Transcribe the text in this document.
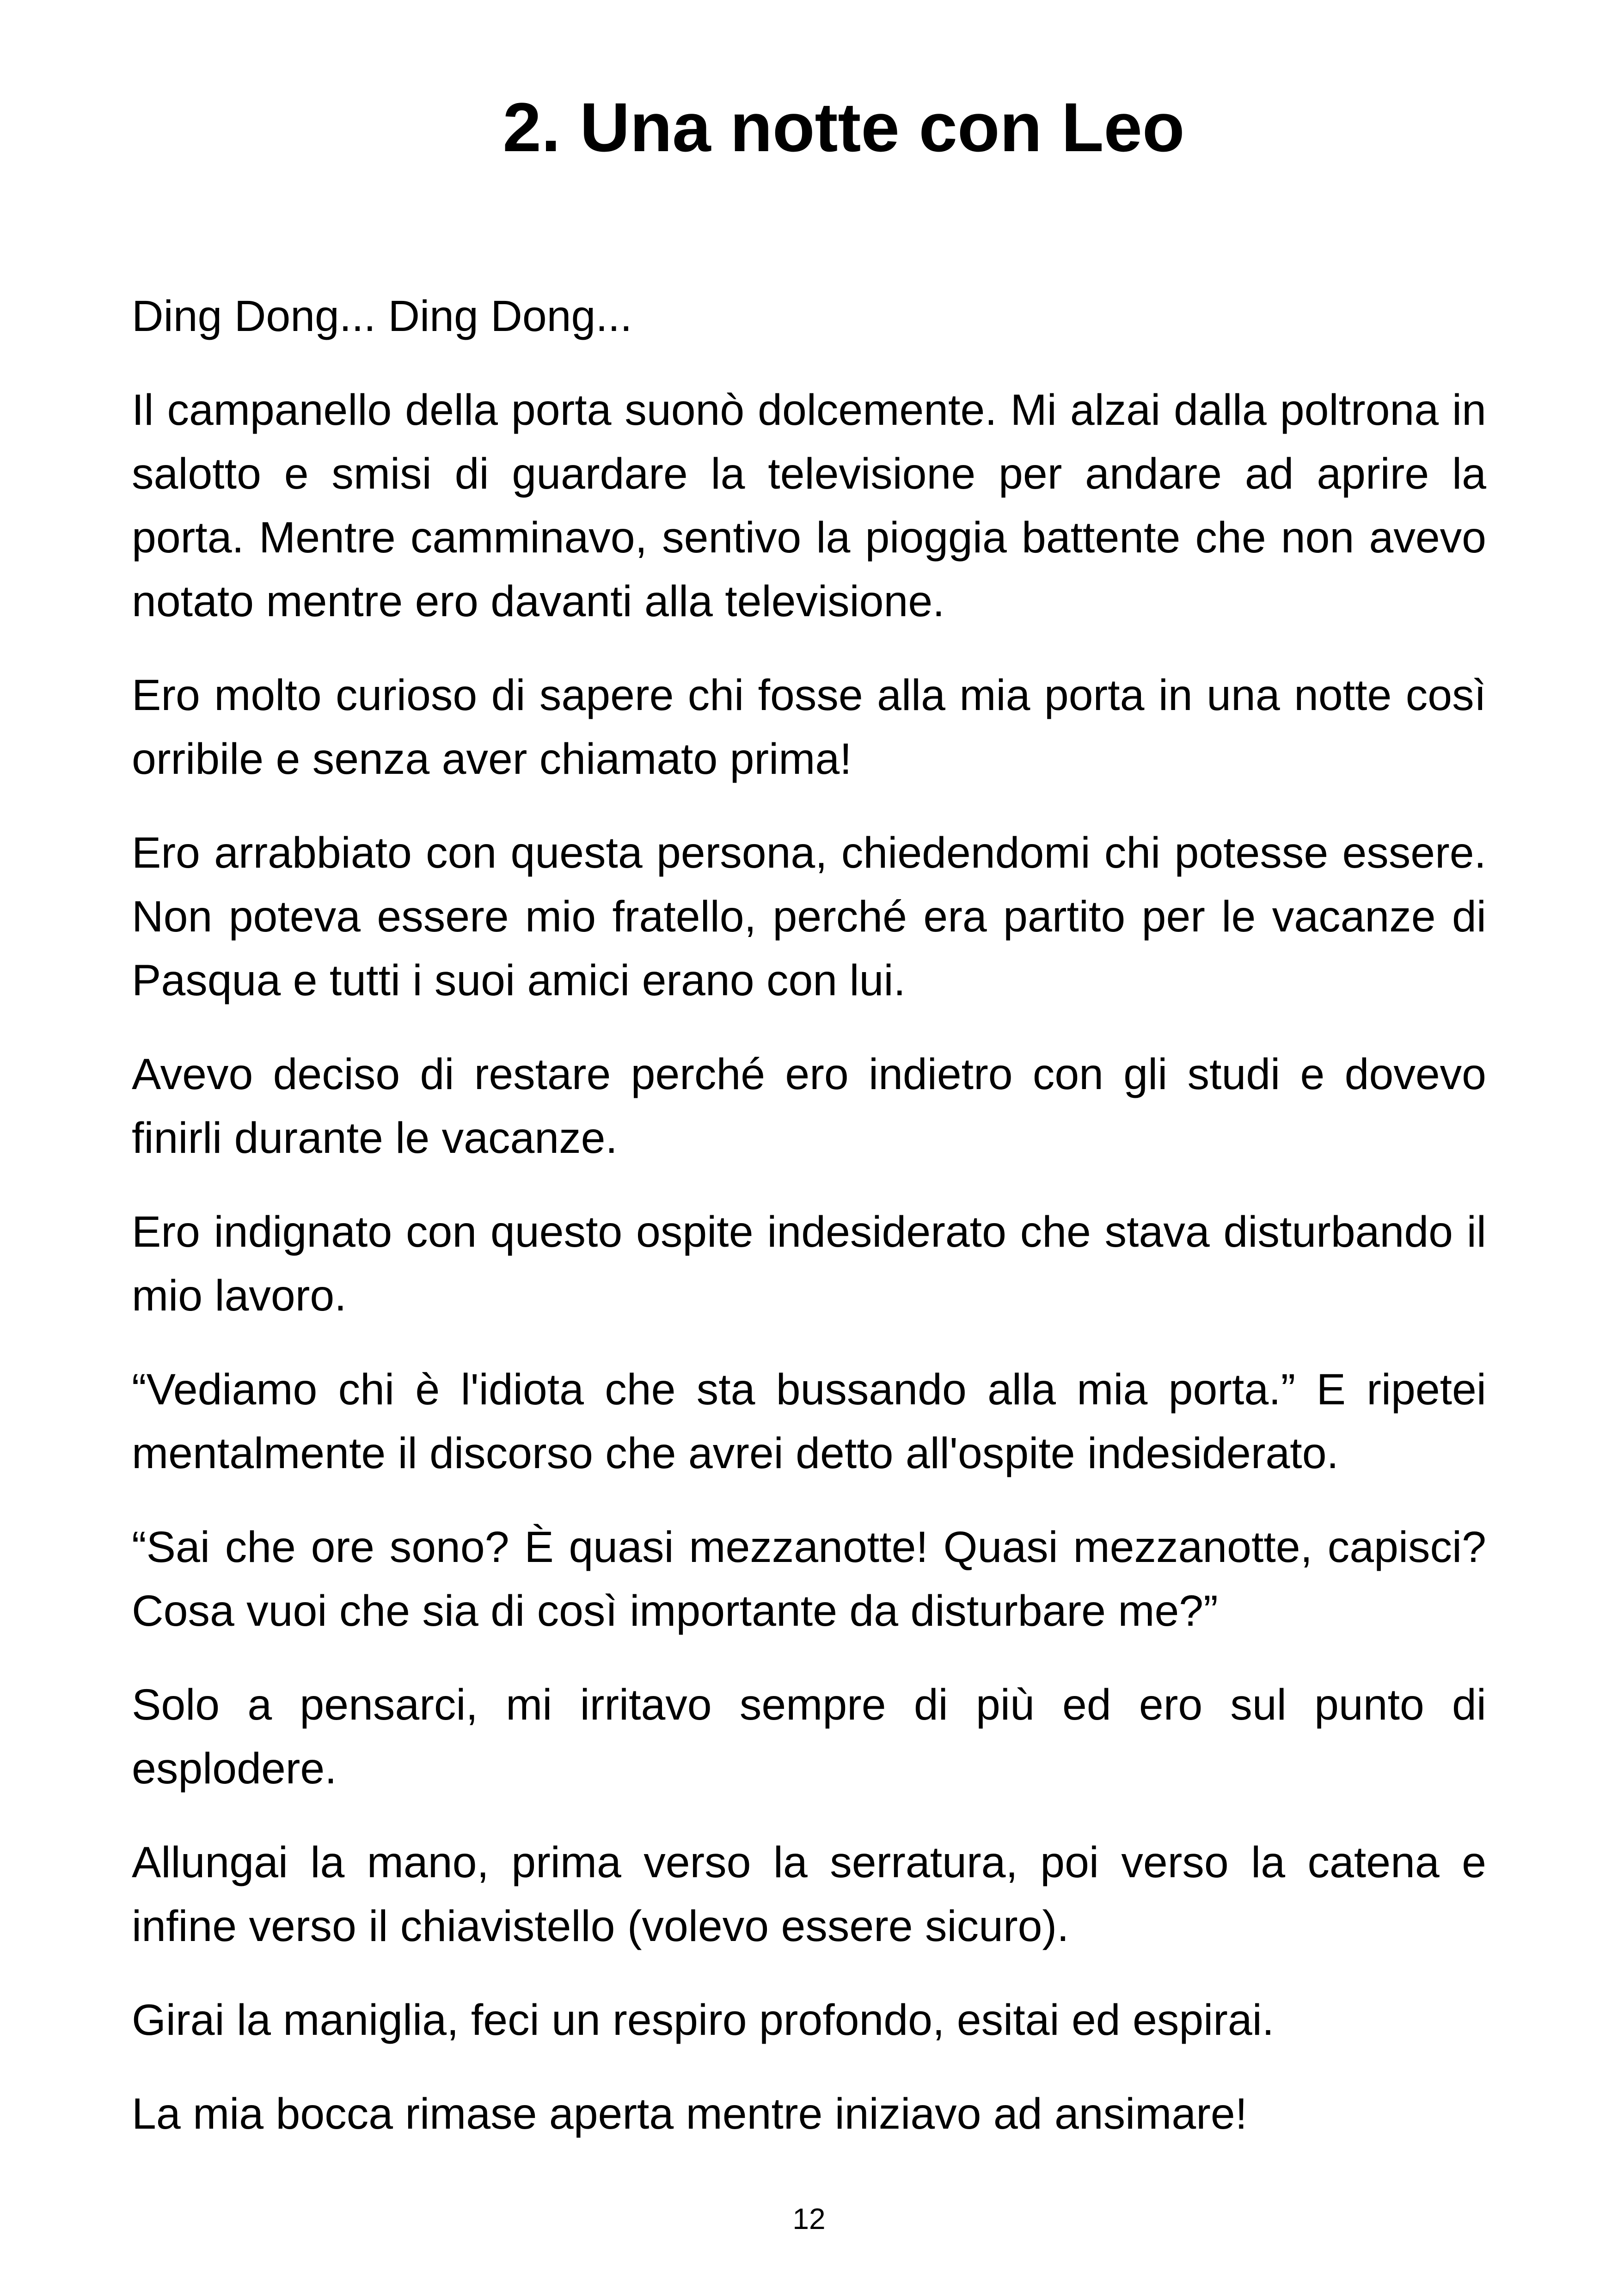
2. Una notte con Leo

Ding Dong... Ding Dong...

Il campanello della porta suonò dolcemente. Mi alzai dalla poltrona in salotto e smisi di guardare la televisione per andare ad aprire la porta. Mentre camminavo, sentivo la pioggia battente che non avevo notato mentre ero davanti alla televisione.

Ero molto curioso di sapere chi fosse alla mia porta in una notte così orribile e senza aver chiamato prima!

Ero arrabbiato con questa persona, chiedendomi chi potesse essere. Non poteva essere mio fratello, perché era partito per le vacanze di Pasqua e tutti i suoi amici erano con lui.

Avevo deciso di restare perché ero indietro con gli studi e dovevo finirli durante le vacanze.

Ero indignato con questo ospite indesiderato che stava disturbando il mio lavoro.

“Vediamo chi è l'idiota che sta bussando alla mia porta.” E ripetei mentalmente il discorso che avrei detto all'ospite indesiderato.

“Sai che ore sono? È quasi mezzanotte! Quasi mezzanotte, capisci? Cosa vuoi che sia di così importante da disturbare me?”

Solo a pensarci, mi irritavo sempre di più ed ero sul punto di esplodere.

Allungai la mano, prima verso la serratura, poi verso la catena e infine verso il chiavistello (volevo essere sicuro).

Girai la maniglia, feci un respiro profondo, esitai ed espirai.

La mia bocca rimase aperta mentre iniziavo ad ansimare!

12
